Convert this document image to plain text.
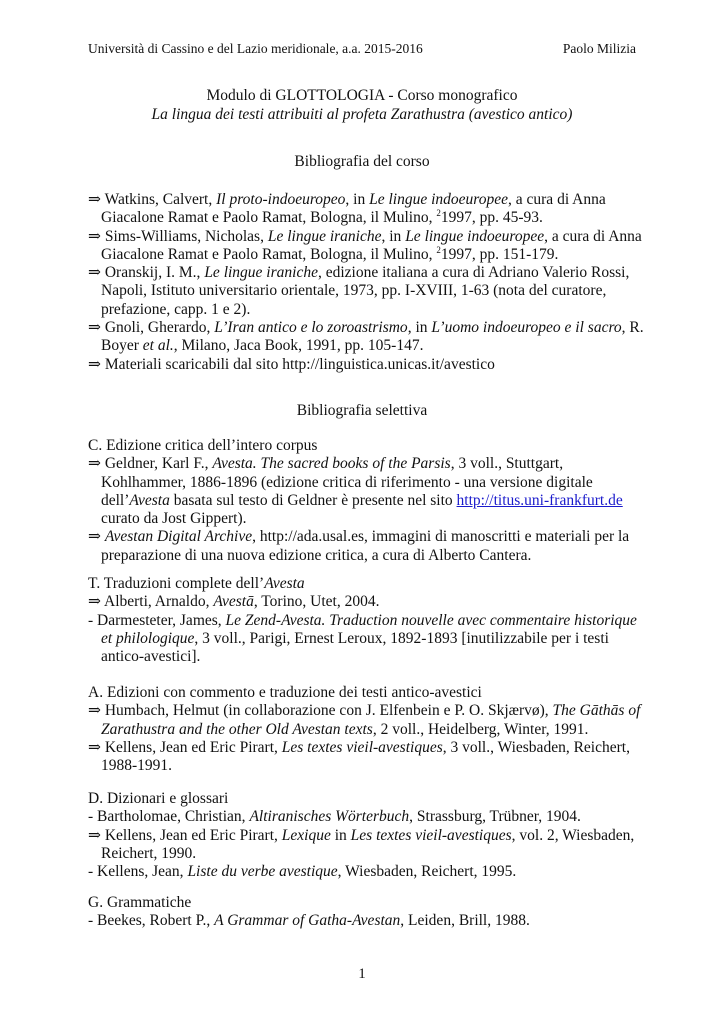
Università di Cassino e del Lazio meridionale, a.a. 2015-2016	Paolo Milizia
Modulo di GLOTTOLOGIA - Corso monografico
La lingua dei testi attribuiti al profeta Zarathustra (avestico antico)
Bibliografia del corso

⇒ Watkins, Calvert, Il proto-indoeuropeo, in Le lingue indoeuropee, a cura di Anna Giacalone Ramat e Paolo Ramat, Bologna, il Mulino, $^2$1997, pp. 45-93.

⇒ Sims-Williams, Nicholas, Le lingue iraniche, in Le lingue indoeuropee, a cura di Anna Giacalone Ramat e Paolo Ramat, Bologna, il Mulino, $^2$1997, pp. 151-179.

⇒ Oranskij, I. M., Le lingue iraniche, edizione italiana a cura di Adriano Valerio Rossi, Napoli, Istituto universitario orientale, 1973, pp. I-XVIII, 1-63 (nota del curatore, prefazione, capp. 1 e 2).

⇒ Gnoli, Gherardo, L’Iran antico e lo zoroastrismo, in L’uomo indoeuropeo e il sacro, R. Boyer et al., Milano, Jaca Book, 1991, pp. 105-147.

⇒ Materiali scaricabili dal sito http://linguistica.unicas.it/avestico

Bibliografia selettiva

C. Edizione critica dell’intero corpus

⇒ Geldner, Karl F., Avesta. The sacred books of the Parsis, 3 voll., Stuttgart, Kohlhammer, 1886-1896 (edizione critica di riferimento - una versione digitale dell’Avesta basata sul testo di Geldner è presente nel sito http://titus.uni-frankfurt.de curato da Jost Gippert).

⇒ Avestan Digital Archive, http://ada.usal.es, immagini di manoscritti e materiali per la preparazione di una nuova edizione critica, a cura di Alberto Cantera.

T. Traduzioni complete dell’Avesta

⇒ Alberti, Arnaldo, Avestā, Torino, Utet, 2004.

- Darmesteter, James, Le Zend-Avesta. Traduction nouvelle avec commentaire historique et philologique, 3 voll., Parigi, Ernest Leroux, 1892-1893 [inutilizzabile per i testi antico-avestici].

A. Edizioni con commento e traduzione dei testi antico-avestici

⇒ Humbach, Helmut (in collaborazione con J. Elfenbein e P. O. Skjærvø), The Gāthās of Zarathustra and the other Old Avestan texts, 2 voll., Heidelberg, Winter, 1991.

⇒ Kellens, Jean ed Eric Pirart, Les textes vieil-avestiques, 3 voll., Wiesbaden, Reichert, 1988-1991.

D. Dizionari e glossari

- Bartholomae, Christian, Altiranisches Wörterbuch, Strassburg, Trübner, 1904.

⇒ Kellens, Jean ed Eric Pirart, Lexique in Les textes vieil-avestiques, vol. 2, Wiesbaden, Reichert, 1990.

- Kellens, Jean, Liste du verbe avestique, Wiesbaden, Reichert, 1995.

G. Grammatiche

- Beekes, Robert P., A Grammar of Gatha-Avestan, Leiden, Brill, 1988.

1
